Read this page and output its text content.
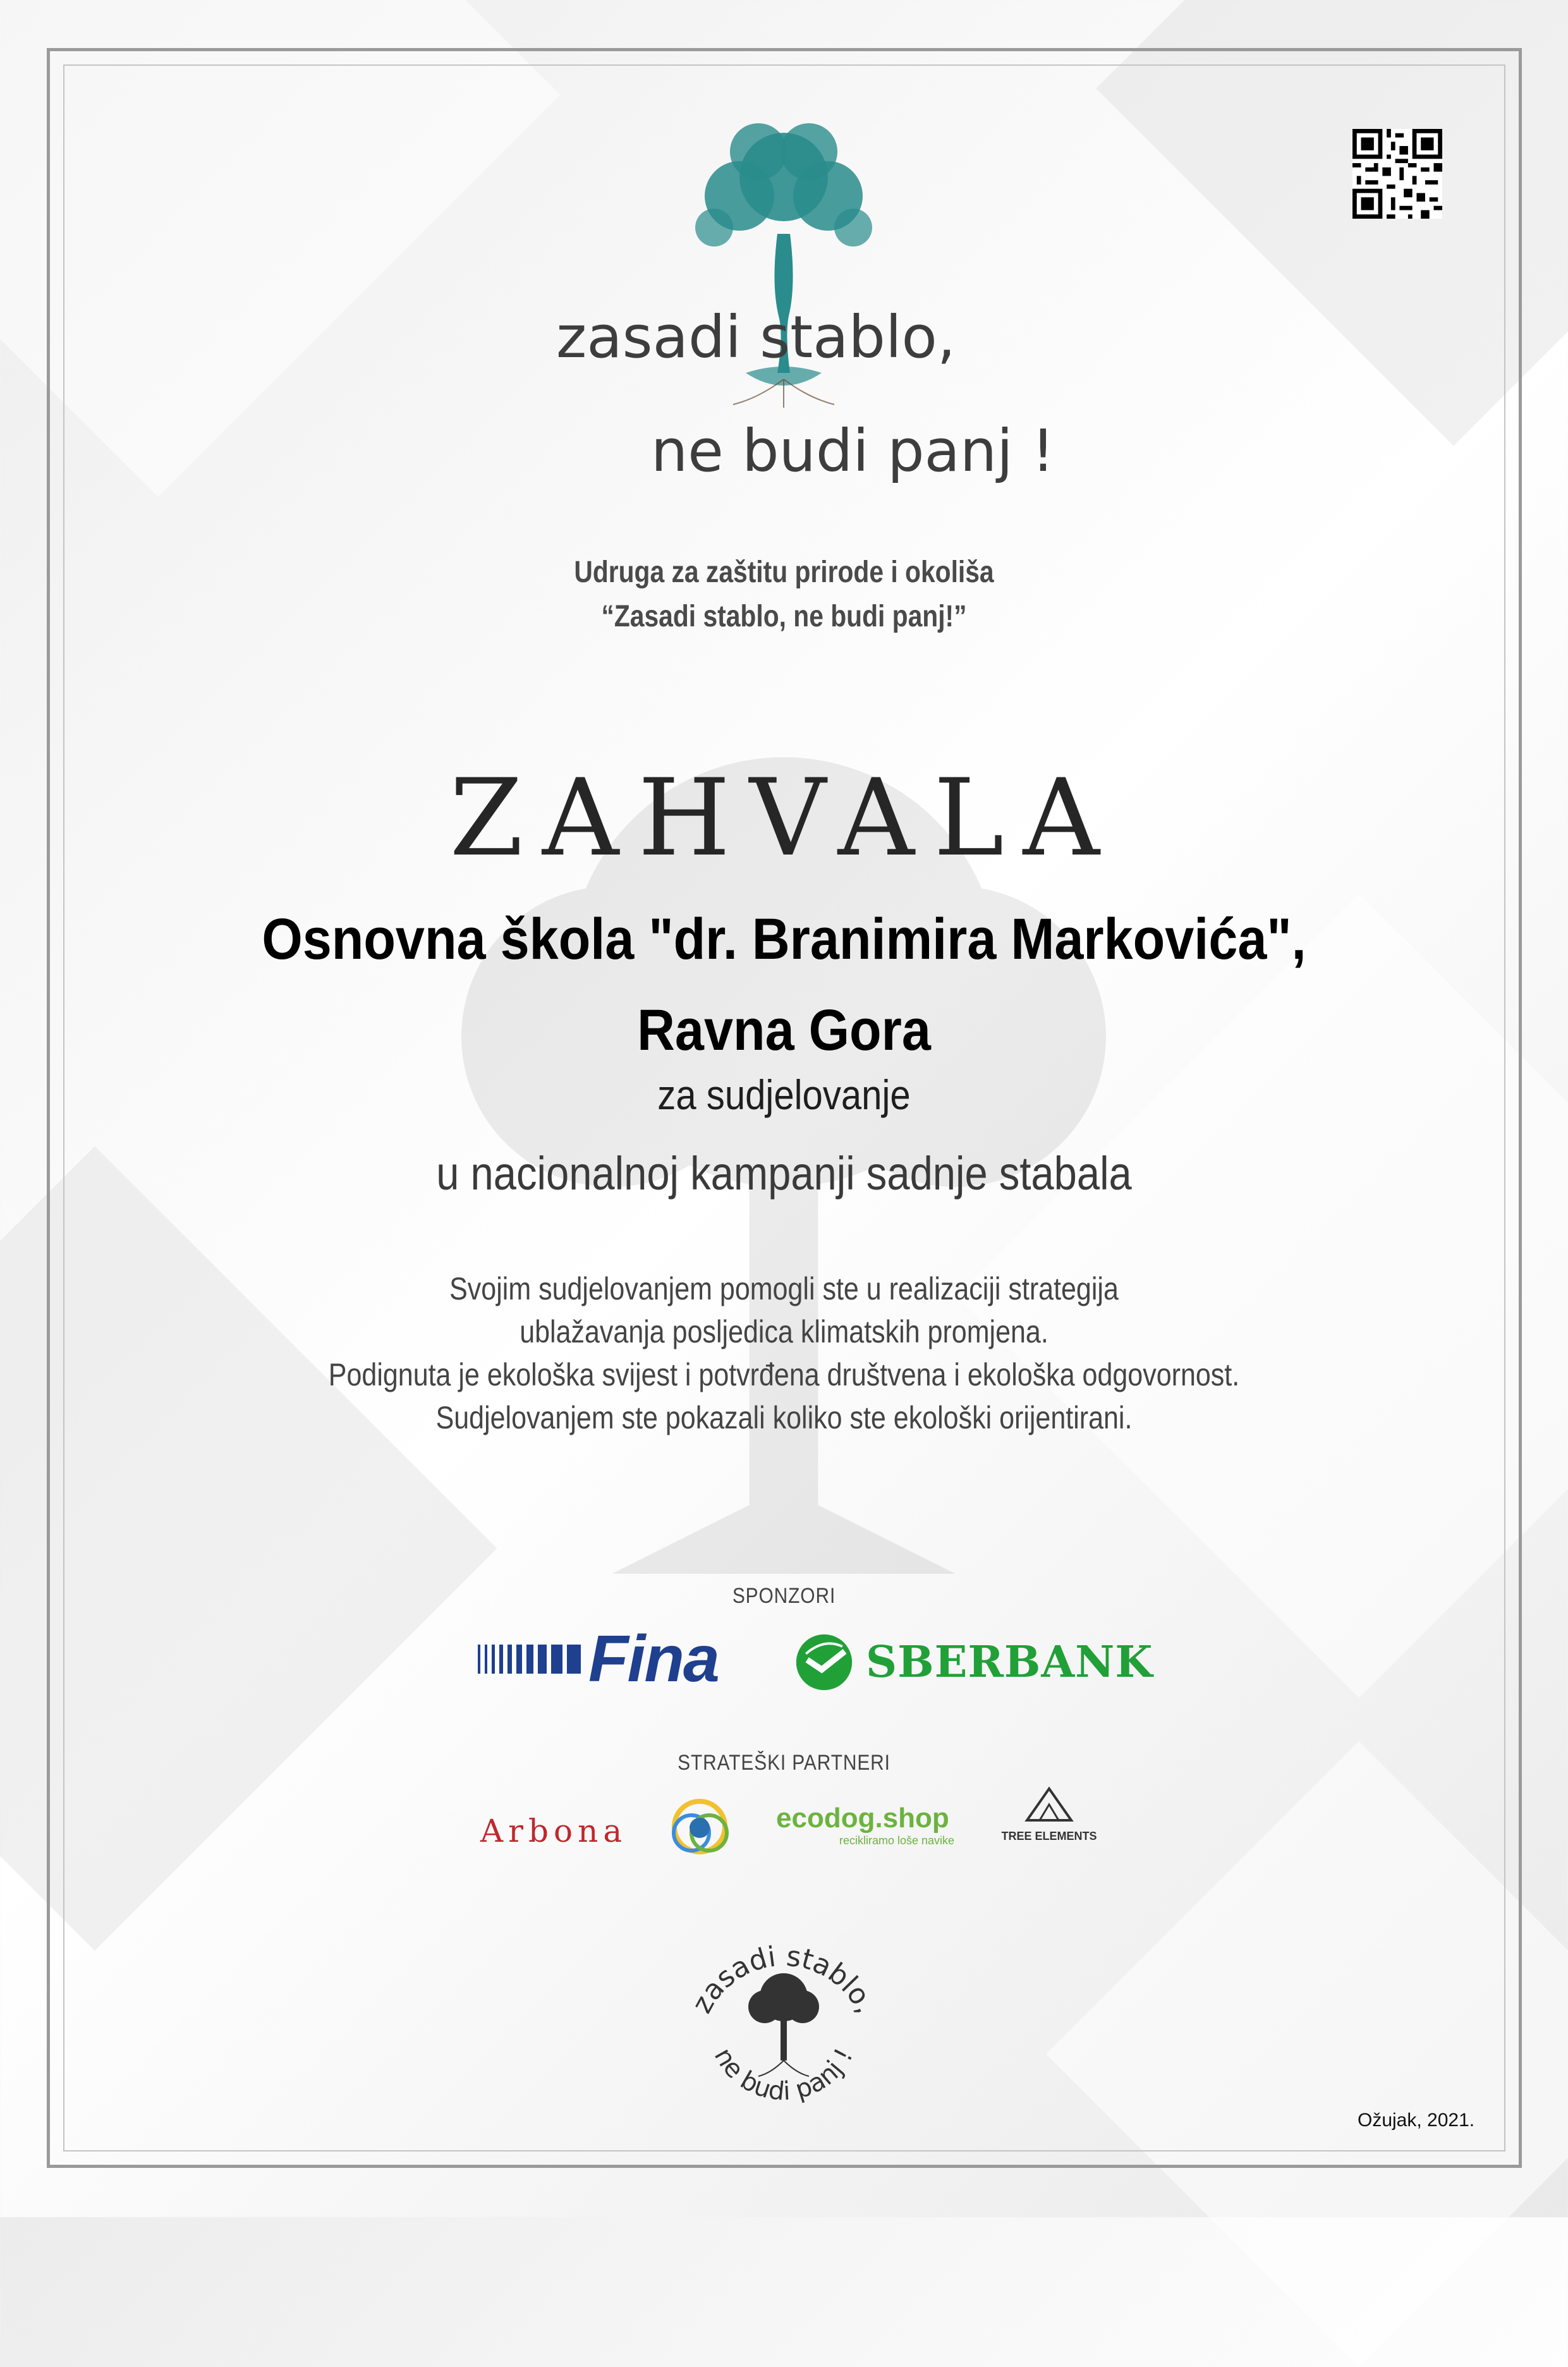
zasadi stablo,
ne budi panj !
Udruga za zaštitu prirode i okoliša
“Zasadi stablo, ne budi panj!”
ZAHVALA
Osnovna škola "dr. Branimira Markovića",
Ravna Gora
za sudjelovanje
u nacionalnoj kampanji sadnje stabala
Svojim sudjelovanjem pomogli ste u realizaciji strategija
ublažavanja posljedica klimatskih promjena.
Podignuta je ekološka svijest i potvrđena društvena i ekološka odgovornost.
Sudjelovanjem ste pokazali koliko ste ekološki orijentirani.
SPONZORI
Fina	SBERBANK
STRATEŠKI PARTNERI
Arbona	ecodog.shop
recikliramo loše navike	TREE ELEMENTS
zasadi stablo,
ne budi panj !
Ožujak, 2021.
